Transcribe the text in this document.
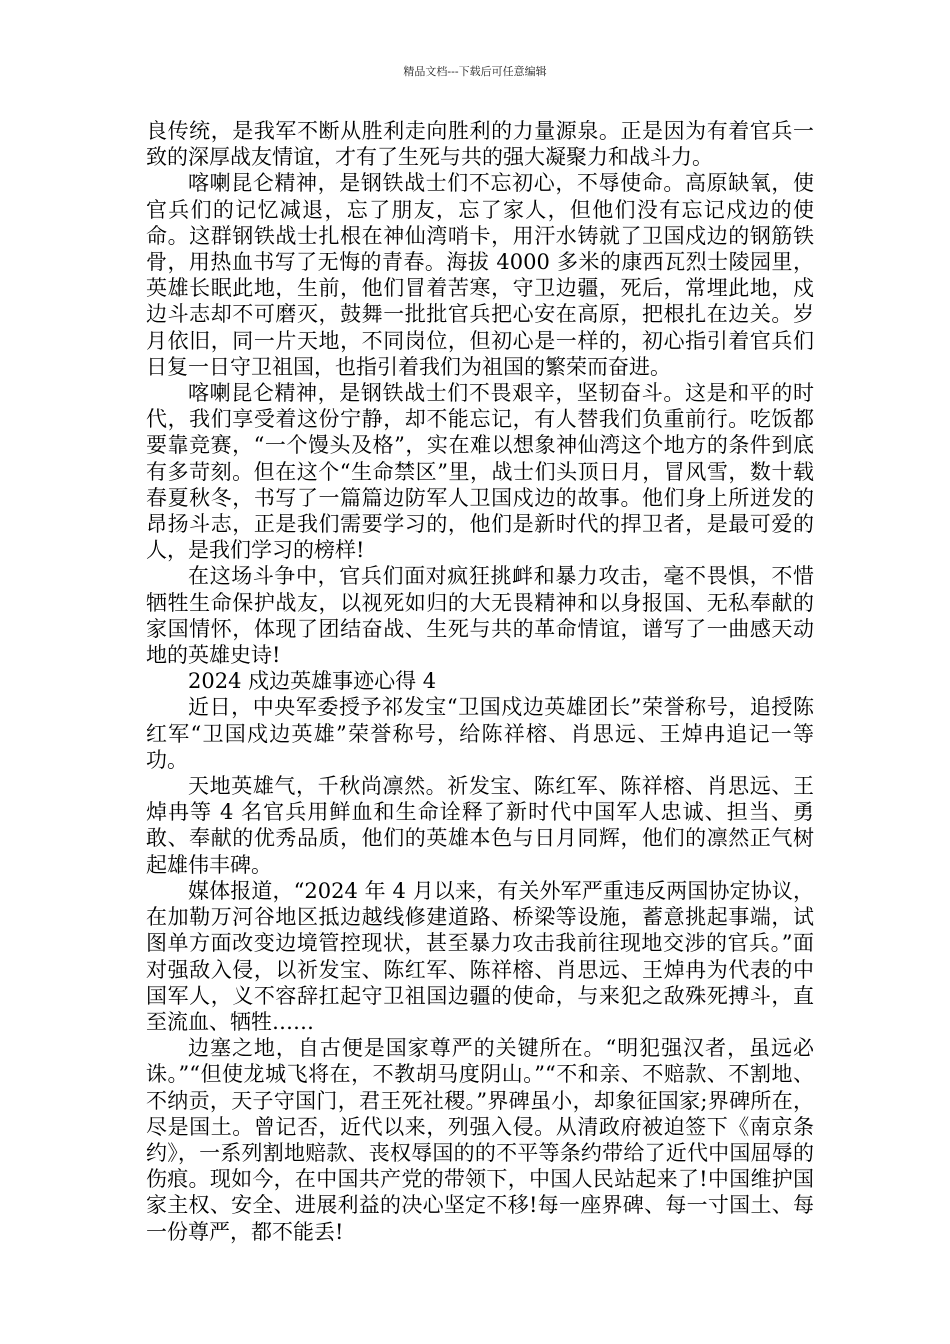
精品文档---下载后可任意编辑

良传统，是我军不断从胜利走向胜利的力量源泉。正是因为有着官兵一致的深厚战友情谊，才有了生死与共的强大凝聚力和战斗力。

喀喇昆仑精神，是钢铁战士们不忘初心，不辱使命。高原缺氧，使官兵们的记忆减退，忘了朋友，忘了家人，但他们没有忘记戍边的使命。这群钢铁战士扎根在神仙湾哨卡，用汗水铸就了卫国戍边的钢筋铁骨，用热血书写了无悔的青春。海拔 4000 多米的康西瓦烈士陵园里，英雄长眠此地，生前，他们冒着苦寒，守卫边疆，死后，常埋此地，戍边斗志却不可磨灭，鼓舞一批批官兵把心安在高原，把根扎在边关。岁月依旧，同一片天地，不同岗位，但初心是一样的，初心指引着官兵们日复一日守卫祖国，也指引着我们为祖国的繁荣而奋进。

喀喇昆仑精神，是钢铁战士们不畏艰辛，坚韧奋斗。这是和平的时代，我们享受着这份宁静，却不能忘记，有人替我们负重前行。吃饭都要靠竞赛，“一个馒头及格”，实在难以想象神仙湾这个地方的条件到底有多苛刻。但在这个“生命禁区”里，战士们头顶日月，冒风雪，数十载春夏秋冬，书写了一篇篇边防军人卫国戍边的故事。他们身上所迸发的昂扬斗志，正是我们需要学习的，他们是新时代的捍卫者，是最可爱的人，是我们学习的榜样!

在这场斗争中，官兵们面对疯狂挑衅和暴力攻击，毫不畏惧，不惜牺牲生命保护战友，以视死如归的大无畏精神和以身报国、无私奉献的家国情怀，体现了团结奋战、生死与共的革命情谊，谱写了一曲感天动地的英雄史诗!

2024 戍边英雄事迹心得 4

近日，中央军委授予祁发宝“卫国戍边英雄团长”荣誉称号，追授陈红军“卫国戍边英雄”荣誉称号，给陈祥榕、肖思远、王焯冉追记一等功。

天地英雄气，千秋尚凛然。祈发宝、陈红军、陈祥榕、肖思远、王焯冉等 4 名官兵用鲜血和生命诠释了新时代中国军人忠诚、担当、勇敢、奉献的优秀品质，他们的英雄本色与日月同辉，他们的凛然正气树起雄伟丰碑。

媒体报道，“2024 年 4 月以来，有关外军严重违反两国协定协议，在加勒万河谷地区抵边越线修建道路、桥梁等设施，蓄意挑起事端，试图单方面改变边境管控现状，甚至暴力攻击我前往现地交涉的官兵。”面对强敌入侵，以祈发宝、陈红军、陈祥榕、肖思远、王焯冉为代表的中国军人，义不容辞扛起守卫祖国边疆的使命，与来犯之敌殊死搏斗，直至流血、牺牲……

边塞之地，自古便是国家尊严的关键所在。“明犯强汉者，虽远必诛。”“但使龙城飞将在，不教胡马度阴山。”“不和亲、不赔款、不割地、不纳贡，天子守国门，君王死社稷。”界碑虽小，却象征国家;界碑所在，尽是国土。曾记否，近代以来，列强入侵。从清政府被迫签下《南京条约》，一系列割地赔款、丧权辱国的的不平等条约带给了近代中国屈辱的伤痕。现如今，在中国共产党的带领下，中国人民站起来了!中国维护国家主权、安全、进展利益的决心坚定不移!每一座界碑、每一寸国土、每一份尊严，都不能丢!
